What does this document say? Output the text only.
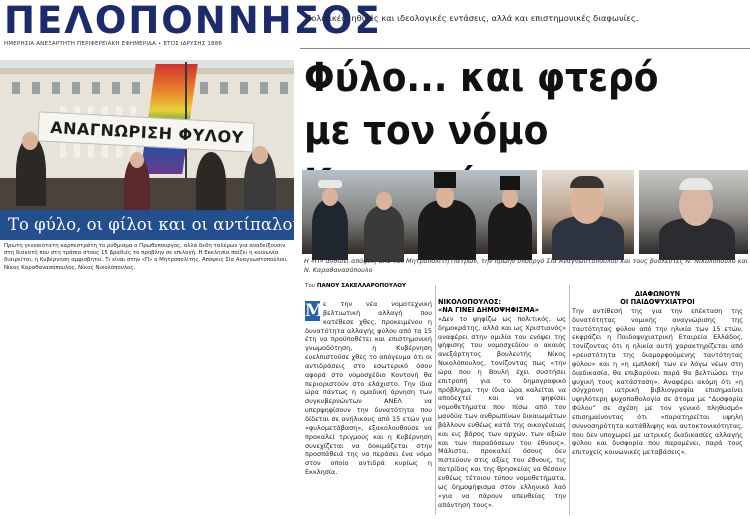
ΠΕΛΟΠΟΝΝΗΣΟΣ
ΗΜΕΡΗΣΙΑ ΑΝΕΞΑΡΤΗΤΗ ΠΕΡΙΦΕΡΕΙΑΚΗ ΕΦΗΜΕΡΙΔΑ • ΕΤΟΣ ΙΔΡΥΣΗΣ 1886
ΑΝΑΓΝΩΡΙΣΗ ΦΥΛΟΥ
Το φύλο, οι φίλοι και οι αντίπαλοι
Πρώτη γενναιότατη καρπεστράτη το ρύθμισμα ο Πρωθυπουργός, αλλά δεδη ταλέρων για αναδείξουσιν στη διακοτή που στη τράπια στους 15 βραδιές το πρόβλην σε επιλογή. Η Εκκλησία παίζει η κοινωνία διαιρείται, η Κυβέρνηση αμφισβητεί. Τι είναι στην «Π» ο Μητροπολίτης. Απόψεις Σία Αναγνωστοπούλου, Νίκος Καραθανασόπουλος, Νίκος Νικολόπουλος.
Πολιτικές, ηθικές και ιδεολογικές εντάσεις, αλλά και επιστημονικές διαφωνίες.
Φύλο... και φτερό
με τον νόμο
Η «Π» ανθίσει απόψεις από τον Μητροπολίτη Πατρών, την πρώην υπουργό Σία Αναγνωστοπούλου και τους βουλευτές Ν. Νικολόπουλο και Ν. Καραθανασόπουλο
Του ΠΑΝΟΥ ΣΑΚΕΛΛΑΡΟΠΟΥΛΟΥ
Μ ε την νέα νομοτεχνική βελτιωτική αλλαγή που κατέθεσε χθες, προκειμένου η δυνατότητα αλλαγής φύλου από τα 15 έτη να προϋποθέτει και επιστημονική γνωμοδότηση, η Κυβέρνηση ευελπιστούσε χθες το απόγευμα ότι οι αντιδράσεις στο εσωτερικό όσον αφορά στο νομοσχέδιο Κοντονή θα περιοριστούν στο ελάχιστο. Την ίδια ώρα πάντως η ομαδική άρνηση των συγκυβερνώντων ΑΝΕΛ να υπερψηφίσουν την δυνατότητα που δίδεται σε ανήλικους από 15 ετών για «φυλομετάβαση», εξακολουθούσε να προκαλεί τριγμούς και η Κυβέρνηση συνεχίζεται να δοκιμάζεται στην προσπάθειά της να περάσει ένα νόμο στον οποίο αντιδρά κυρίως η Εκκλησία.
ΝΙΚΟΛΟΠΟΥΛΟΣ:
«ΝΑ ΓΙΝΕΙ ΔΗΜΟΨΗΦΙΣΜΑ»
«Δεν το ψηφίζω ως πολιτικός, ως δημοκράτης, αλλά και ως Χριστιανός» αναφέρει στην ομιλία του ενόψει της ψήφισης του νομοσχεδίου ο ακαιός ανεξάρτητος βουλευτής Νίκος Νικολόπουλος, τονίζοντας πως «την ώρα που η Βουλή έχει συστήσει επιτροπή για το δημογραφικό πρόβλημα, την ίδια ώρα καλείται να αποδεχτεί και να ψηφίσει νομοθετήματα που πίσω από τον μανδύα των ανθρωπίνων δικαιωμάτων βάλλουν ευθέως κατά της οικογένειας και εις βάρος των αρχών, των αξιών και των παραδόσεων του έθνους». Μάλιστα, προκαλεί όσους δεν πιστεύουν στις αξίες του έθνους, τις πατρίδας και της θρησκείας να θέσουν ευθέως τέτοιου τύπου νομοθετήματα, ως δημοψήφισμα στον ελληνικό λαό «για να πάρουν απευθείας την απάντησή τους».
ΔΙΑΦΩΝΟΥΝ
ΟΙ ΠΑΙΔΟΨΥΧΙΑΤΡΟΙ
Την αντίθεσή της για την επέκταση της δυνατότητας νομικής αναγνώρισης της ταυτότητας φύλου από την ηλικία των 15 ετών, εκφράζει η Παιδοψυχιατρική Εταιρεία Ελλάδος, τονίζοντας ότι η ηλικία αυτή χαρακτηρίζεται από «ρευστότητα της διαμορφούμενης ταυτότητας φύλου» και η «η εμπλοκή των εν λόγω νέων στη διαδικασία, θα επιβαρύνει παρά θα βελτιώσει την ψυχική τους κατάσταση». Αναφέρει ακόμη ότι «η σύγχρονη ιατρική βιβλιογραφία επισημαίνει υψηλότερη ψυχοπαθολογία σε άτομα με “Δυσφορία Φύλου” σε σχέση με τον γενικό πληθυσμό» επισημαίνοντας ότι «παρατηρείται υψηλή συννοσηρότητα κατάθλιψης και αυτοκτονικότητας, που δεν υποχωρεί με ιατρικές διαδικασίες αλλαγής φύλου και δυσφορία που παραμένει, παρά τους επιτυχείς κοινωνικές μεταβάσεις».
